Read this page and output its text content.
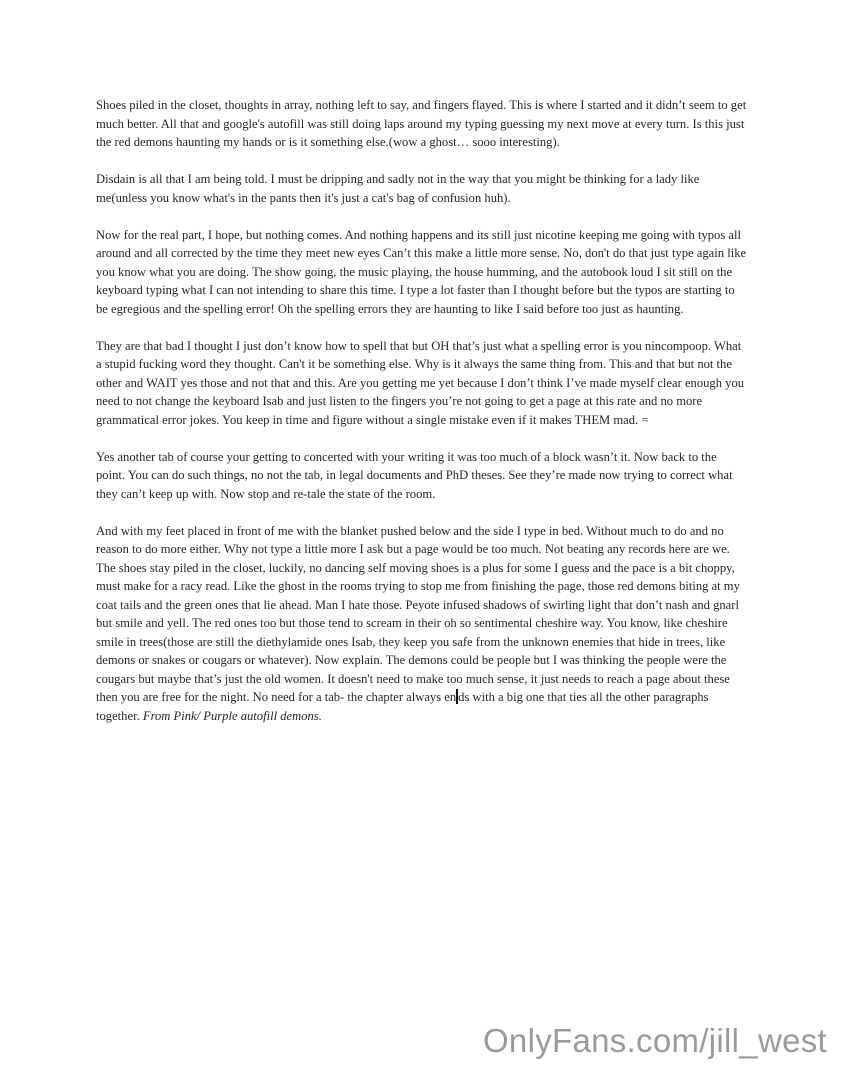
Shoes piled in the closet, thoughts in array, nothing left to say, and fingers flayed. This is where I started and it didn’t seem to get much better. All that and google's autofill was still doing laps around my typing guessing my next move at every turn. Is this just the red demons haunting my hands or is it something else.(wow a ghost… sooo interesting).

Disdain is all that I am being told. I must be dripping and sadly not in the way that you might be thinking for a lady like me(unless you know what's in the pants then it's just a cat's bag of confusion huh).

Now for the real part, I hope, but nothing comes. And nothing happens and its still just nicotine keeping me going with typos all around and all corrected by the time they meet new eyes Can’t this make a little more sense. No, don't do that just type again like you know what you are doing. The show going, the music playing, the house humming, and the autobook loud I sit still on the keyboard typing what I can not intending to share this time. I type a lot faster than I thought before but the typos are starting to be egregious and the spelling error! Oh the spelling errors they are haunting to like I said before too just as haunting.

They are that bad I thought I just don’t know how to spell that but OH that’s just what a spelling error is you nincompoop. What a stupid fucking word they thought. Can't it be something else. Why is it always the same thing from. This and that but not the other and WAIT yes those and not that and this. Are you getting me yet because I don’t think I’ve made myself clear enough you need to not change the keyboard Isab and just listen to the fingers you’re not going to get a page at this rate and no more grammatical error jokes. You keep in time and figure without a single mistake even if it makes THEM mad. =

Yes another tab of course your getting to concerted with your writing it was too much of a block wasn’t it. Now back to the point. You can do such things, no not the tab, in legal documents and PhD theses. See they’re made now trying to correct what they can’t keep up with. Now stop and re-tale the state of the room.

And with my feet placed in front of me with the blanket pushed below and the side I type in bed. Without much to do and no reason to do more either. Why not type a little more I ask but a page would be too much. Not beating any records here are we. The shoes stay piled in the closet, luckily, no dancing self moving shoes is a plus for some I guess and the pace is a bit choppy, must make for a racy read. Like the ghost in the rooms trying to stop me from finishing the page, those red demons biting at my coat tails and the green ones that lie ahead. Man I hate those. Peyote infused shadows of swirling light that don’t nash and gnarl but smile and yell. The red ones too but those tend to scream in their oh so sentimental cheshire way. You know, like cheshire smile in trees(those are still the diethylamide ones Isab, they keep you safe from the unknown enemies that hide in trees, like demons or snakes or cougars or whatever). Now explain. The demons could be people but I was thinking the people were the cougars but maybe that’s just the old women. It doesn't need to make too much sense, it just needs to reach a page about these then you are free for the night. No need for a tab- the chapter always en ds with a big one that ties all the other paragraphs together. From Pink/ Purple autofill demons.

OnlyFans.com/jill_west
